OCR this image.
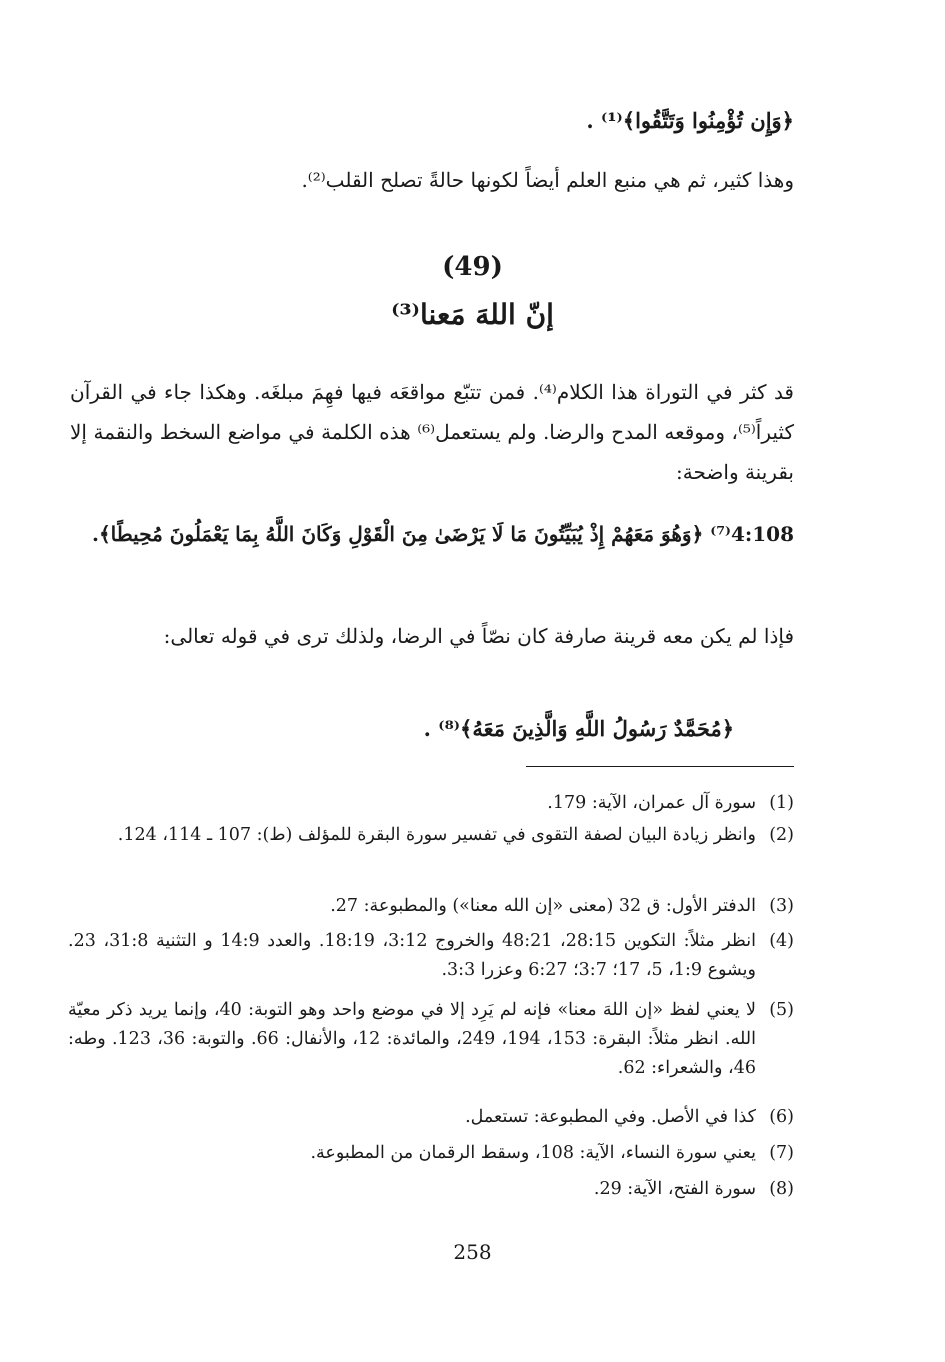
﴿وَإِن تُؤْمِنُوا وَتَتَّقُوا﴾⁽¹⁾ .
وهذا كثير، ثم هي منبع العلم أيضاً لكونها حالةً تصلح القلب⁽²⁾.
(49)
إنّ اللهَ مَعنا⁽³⁾
قد كثر في التوراة هذا الكلام⁽⁴⁾. فمن تتبّع مواقعَه فيها فهِمَ مبلغَه. وهكذا جاء في القرآن كثيراً⁽⁵⁾، وموقعه المدح والرضا. ولم يستعمل⁽⁶⁾ هذه الكلمة في مواضع السخط والنقمة إلا بقرينة واضحة:
4:108⁽⁷⁾ ﴿وَهُوَ مَعَهُمْ إِذْ يُبَيِّتُونَ مَا لَا يَرْضَىٰ مِنَ الْقَوْلِ وَكَانَ اللَّهُ بِمَا يَعْمَلُونَ مُحِيطًا﴾.
فإذا لم يكن معه قرينة صارفة كان نصّاً في الرضا، ولذلك ترى في قوله تعالى:
﴿مُحَمَّدٌ رَسُولُ اللَّهِ وَالَّذِينَ مَعَهُ﴾⁽⁸⁾ .
(1)
سورة آل عمران، الآية: 179.
(2)
وانظر زيادة البيان لصفة التقوى في تفسير سورة البقرة للمؤلف (ط): 107 ـ 114، 124.
(3)
الدفتر الأول: ق 32 (معنى «إن الله معنا») والمطبوعة: 27.
(4)
انظر مثلاً: التكوين 28:15، 48:21 والخروج 3:12، 18:19. والعدد 14:9 و التثنية 31:8، 23. ويشوع 1:9، 5، 17؛ 3:7؛ 6:27 وعزرا 3:3.
(5)
لا يعني لفظ «إن اللهَ معنا» فإنه لم يَرِد إلا في موضع واحد وهو التوبة: 40، وإنما يريد ذكر معيّة الله. انظر مثلاً: البقرة: 153، 194، 249، والمائدة: 12، والأنفال: 66. والتوبة: 36، 123. وطه: 46، والشعراء: 62.
(6)
كذا في الأصل. وفي المطبوعة: تستعمل.
(7)
يعني سورة النساء، الآية: 108، وسقط الرقمان من المطبوعة.
(8)
سورة الفتح، الآية: 29.
258
